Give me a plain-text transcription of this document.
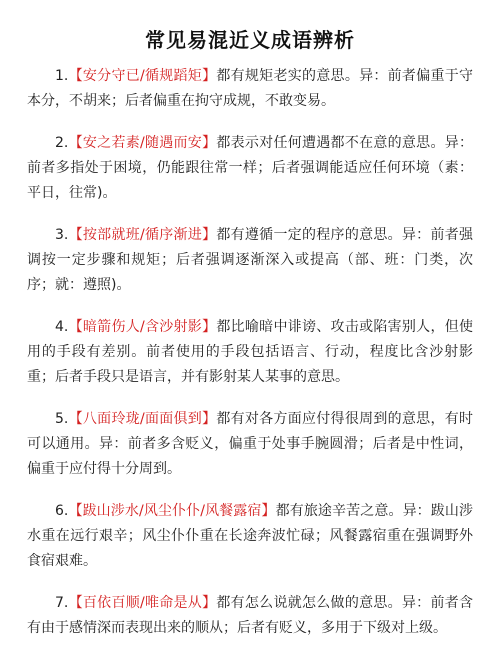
常见易混近义成语辨析

1.【安分守已/循规蹈矩】都有规矩老实的意思。异：前者偏重于守本分，不胡来；后者偏重在拘守成规，不敢变易。

2.【安之若素/随遇而安】都表示对任何遭遇都不在意的意思。异：前者多指处于困境，仍能跟往常一样；后者强调能适应任何环境（素：平日，往常)。

3.【按部就班/循序渐进】都有遵循一定的程序的意思。异：前者强调按一定步骤和规矩；后者强调逐渐深入或提高（部、班：门类，次序；就：遵照)。

4.【暗箭伤人/含沙射影】都比喻暗中诽谤、攻击或陷害别人，但使用的手段有差别。前者使用的手段包括语言、行动，程度比含沙射影重；后者手段只是语言，并有影射某人某事的意思。

5.【八面玲珑/面面俱到】都有对各方面应付得很周到的意思，有时可以通用。异：前者多含贬义，偏重于处事手腕圆滑；后者是中性词，偏重于应付得十分周到。

6.【跋山涉水/风尘仆仆/风餐露宿】都有旅途辛苦之意。异：跋山涉水重在远行艰辛；风尘仆仆重在长途奔波忙碌；风餐露宿重在强调野外食宿艰难。

7.【百依百顺/唯命是从】都有怎么说就怎么做的意思。异：前者含有由于感情深而表现出来的顺从；后者有贬义，多用于下级对上级。
